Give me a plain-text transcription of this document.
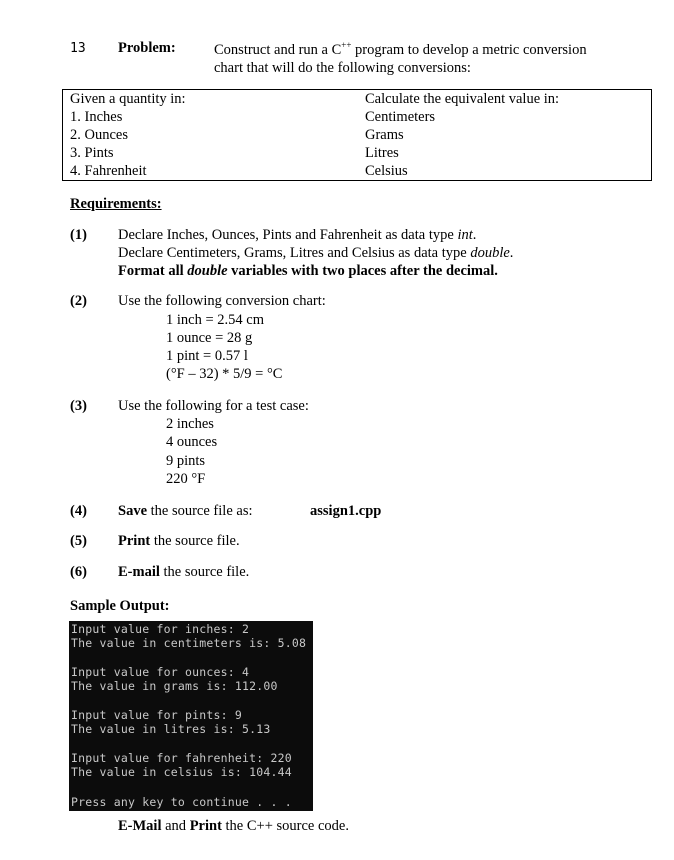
13 Problem:	Construct and run a C++ program to develop a metric conversion
chart that will do the following conversions:
Given a quantity in:	Calculate the equivalent value in:
1. Inches	Centimeters
2. Ounces	Grams
3. Pints	Litres
4. Fahrenheit	Celsius
Requirements:
(1) Declare Inches, Ounces, Pints and Fahrenheit as data type int.
Declare Centimeters, Grams, Litres and Celsius as data type double.
Format all double variables with two places after the decimal.
(2) Use the following conversion chart:
1 inch = 2.54 cm
1 ounce = 28 g
1 pint = 0.57 l
(°F – 32) * 5/9 = °C
(3) Use the following for a test case:
2 inches
4 ounces
9 pints
220 °F
(4) Save the source file as:	assign1.cpp
(5) Print the source file.
(6) E-mail the source file.
Sample Output:
Input value for inches: 2
The value in centimeters is: 5.08
Input value for ounces: 4
The value in grams is: 112.00
Input value for pints: 9
The value in litres is: 5.13
Input value for fahrenheit: 220
The value in celsius is: 104.44
Press any key to continue . . .
E-Mail and Print the C++ source code.
